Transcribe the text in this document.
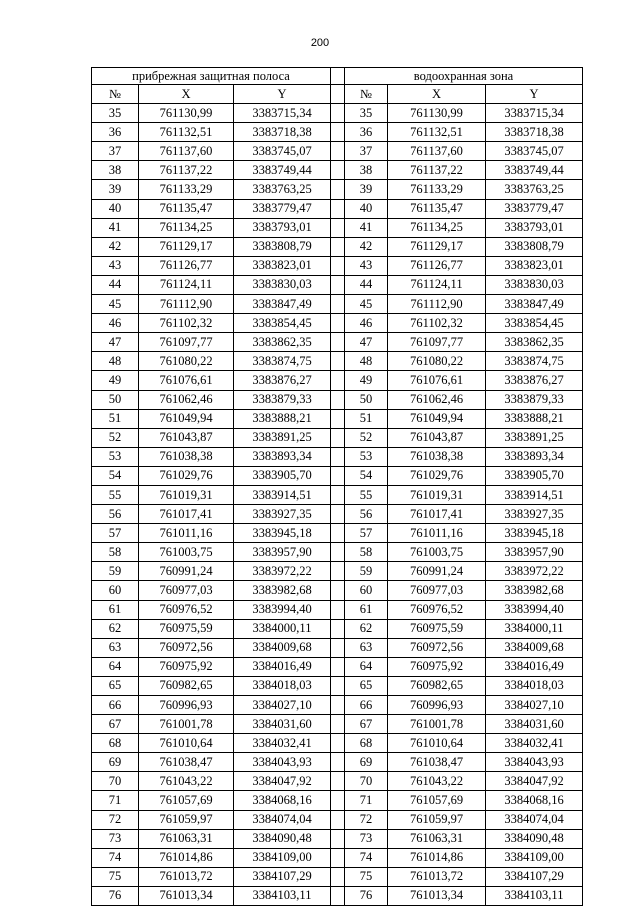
200
прибрежная защитная полоса				водоохранная зона		
№	X	Y		№	X	Y
35	761130,99	3383715,34		35	761130,99	3383715,34
36	761132,51	3383718,38		36	761132,51	3383718,38
37	761137,60	3383745,07		37	761137,60	3383745,07
38	761137,22	3383749,44		38	761137,22	3383749,44
39	761133,29	3383763,25		39	761133,29	3383763,25
40	761135,47	3383779,47		40	761135,47	3383779,47
41	761134,25	3383793,01		41	761134,25	3383793,01
42	761129,17	3383808,79		42	761129,17	3383808,79
43	761126,77	3383823,01		43	761126,77	3383823,01
44	761124,11	3383830,03		44	761124,11	3383830,03
45	761112,90	3383847,49		45	761112,90	3383847,49
46	761102,32	3383854,45		46	761102,32	3383854,45
47	761097,77	3383862,35		47	761097,77	3383862,35
48	761080,22	3383874,75		48	761080,22	3383874,75
49	761076,61	3383876,27		49	761076,61	3383876,27
50	761062,46	3383879,33		50	761062,46	3383879,33
51	761049,94	3383888,21		51	761049,94	3383888,21
52	761043,87	3383891,25		52	761043,87	3383891,25
53	761038,38	3383893,34		53	761038,38	3383893,34
54	761029,76	3383905,70		54	761029,76	3383905,70
55	761019,31	3383914,51		55	761019,31	3383914,51
56	761017,41	3383927,35		56	761017,41	3383927,35
57	761011,16	3383945,18		57	761011,16	3383945,18
58	761003,75	3383957,90		58	761003,75	3383957,90
59	760991,24	3383972,22		59	760991,24	3383972,22
60	760977,03	3383982,68		60	760977,03	3383982,68
61	760976,52	3383994,40		61	760976,52	3383994,40
62	760975,59	3384000,11		62	760975,59	3384000,11
63	760972,56	3384009,68		63	760972,56	3384009,68
64	760975,92	3384016,49		64	760975,92	3384016,49
65	760982,65	3384018,03		65	760982,65	3384018,03
66	760996,93	3384027,10		66	760996,93	3384027,10
67	761001,78	3384031,60		67	761001,78	3384031,60
68	761010,64	3384032,41		68	761010,64	3384032,41
69	761038,47	3384043,93		69	761038,47	3384043,93
70	761043,22	3384047,92		70	761043,22	3384047,92
71	761057,69	3384068,16		71	761057,69	3384068,16
72	761059,97	3384074,04		72	761059,97	3384074,04
73	761063,31	3384090,48		73	761063,31	3384090,48
74	761014,86	3384109,00		74	761014,86	3384109,00
75	761013,72	3384107,29		75	761013,72	3384107,29
76	761013,34	3384103,11		76	761013,34	3384103,11
